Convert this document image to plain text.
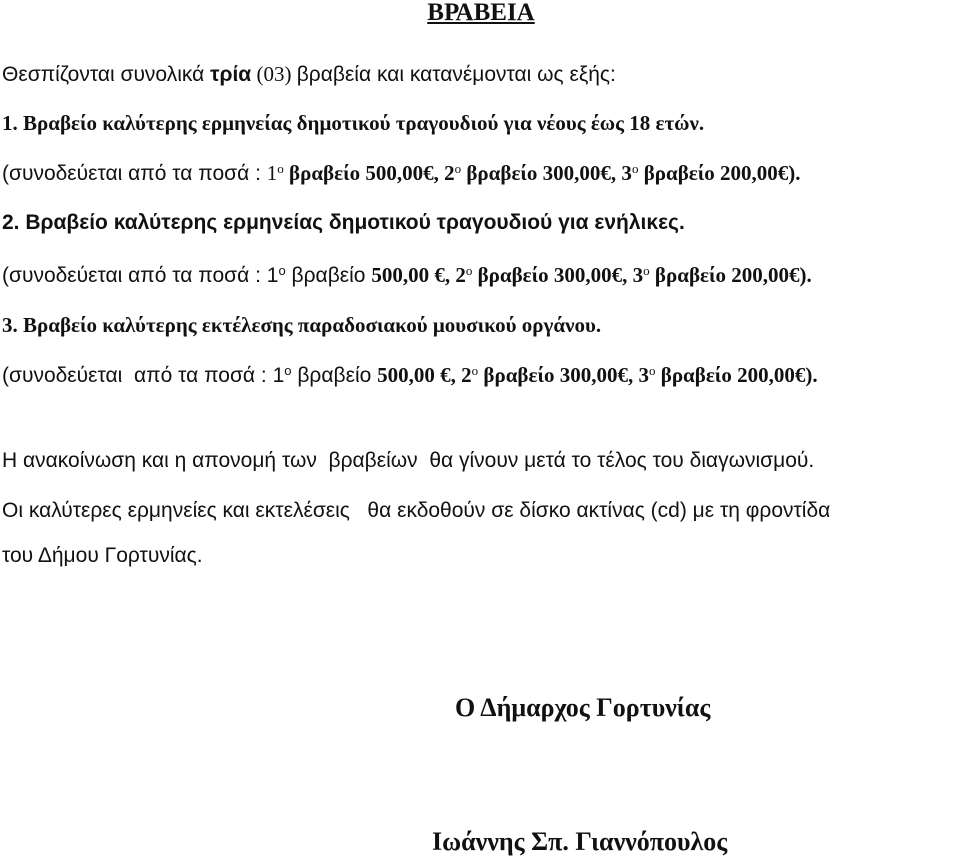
ΒΡΑΒΕΙΑ
Θεσπίζονται συνολικά τρία (03) βραβεία και κατανέμονται ως εξής:
1. Βραβείο καλύτερης ερμηνείας δημοτικού τραγουδιού για νέους έως 18 ετών.
(συνοδεύεται από τα ποσά : $1^o$ βραβείο 500,00€, $2^o$ βραβείο 300,00€, $3^o$ βραβείο 200,00€).
2. Βραβείο καλύτερης ερμηνείας δημοτικού τραγουδιού για ενήλικες.
(συνοδεύεται από τα ποσά : $1^o$ βραβείο 500,00 €, $2^o$ βραβείο 300,00€, $3^o$ βραβείο 200,00€).
3. Βραβείο καλύτερης εκτέλεσης παραδοσιακού μουσικού οργάνου.
(συνοδεύεται  από τα ποσά : $1^o$ βραβείο 500,00 €, $2^o$ βραβείο 300,00€, $3^o$ βραβείο 200,00€).
Η ανακοίνωση και η απονομή των  βραβείων  θα γίνουν μετά το τέλος του διαγωνισμού.
Οι καλύτερες ερμηνείες και εκτελέσεις   θα εκδοθούν σε δίσκο ακτίνας (cd) με τη φροντίδα
του Δήμου Γορτυνίας.
Ο Δήμαρχος Γορτυνίας
Ιωάννης Σπ. Γιαννόπουλος
